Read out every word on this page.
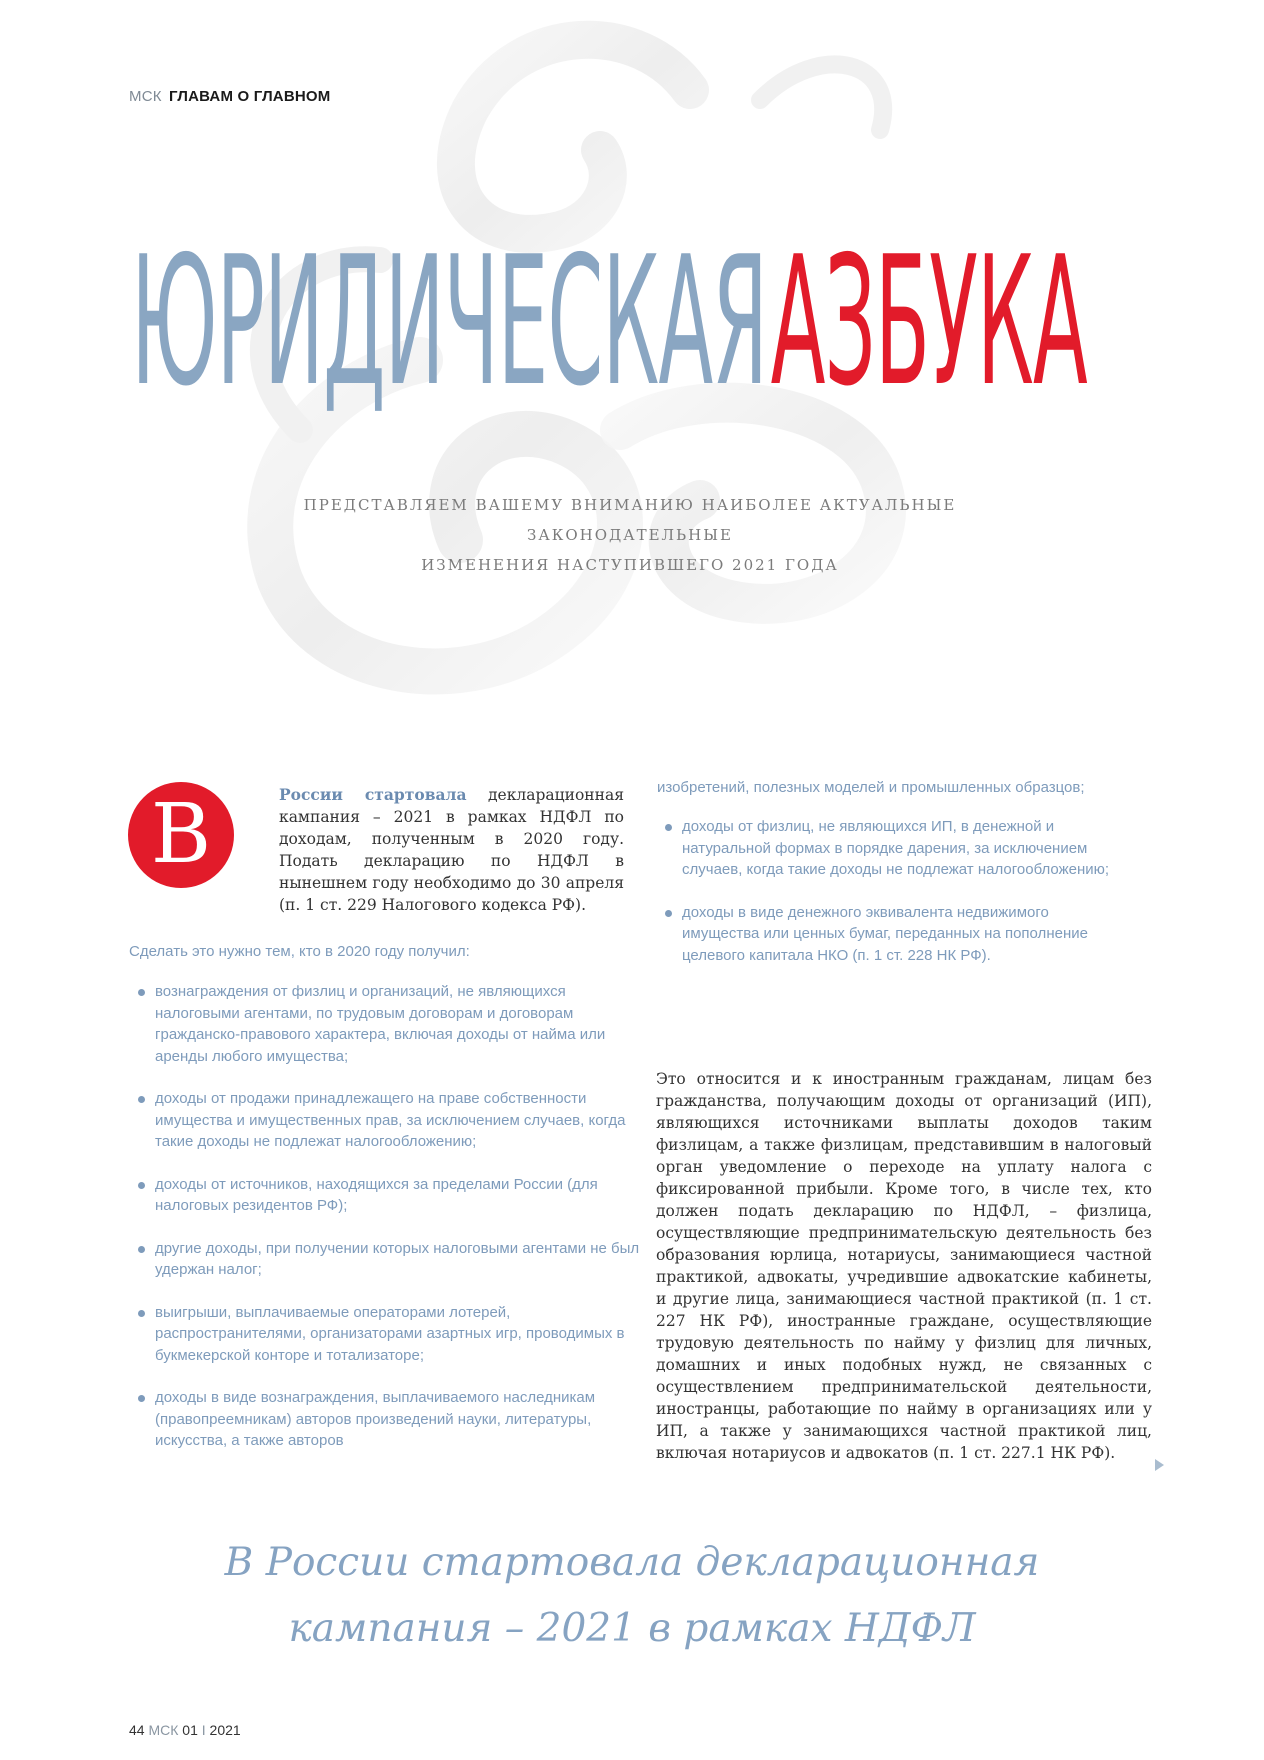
МСК ГЛАВАМ О ГЛАВНОМ
ЮРИДИЧЕСКАЯАЗБУКА
ПРЕДСТАВЛЯЕМ ВАШЕМУ ВНИМАНИЮ НАИБОЛЕЕ АКТУАЛЬНЫЕ ЗАКОНОДАТЕЛЬНЫЕ
ИЗМЕНЕНИЯ НАСТУПИВШЕГО 2021 ГОДА
В	России стартовала декларационная кампания – 2021 в рамках НДФЛ по доходам, полученным в 2020 году. Подать декларацию по НДФЛ в нынешнем году необходимо до 30 апреля (п. 1 ст. 229 Налогового кодекса РФ).
Сделать это нужно тем, кто в 2020 году получил:
вознаграждения от физлиц и организаций, не являющихся налоговыми агентами, по трудовым договорам и договорам гражданско-правового характера, включая доходы от найма или аренды любого имущества;
доходы от продажи принадлежащего на праве собственности имущества и имущественных прав, за исключением случаев, когда такие доходы не подлежат налогообложению;
доходы от источников, находящихся за пределами России (для налоговых резидентов РФ);
другие доходы, при получении которых налоговыми агентами не был удержан налог;
выигрыши, выплачиваемые операторами лотерей, распространителями, организаторами азартных игр, проводимых в букмекерской конторе и тотализаторе;
доходы в виде вознаграждения, выплачиваемого наследникам (правопреемникам) авторов произведений науки, литературы, искусства, а также авторов
изобретений, полезных моделей и промышленных образцов;
доходы от физлиц, не являющихся ИП, в денежной и натуральной формах в порядке дарения, за исключением случаев, когда такие доходы не подлежат налогообложению;
доходы в виде денежного эквивалента недвижимого имущества или ценных бумаг, переданных на пополнение целевого капитала НКО (п. 1 ст. 228 НК РФ).
Это относится и к иностранным гражданам, лицам без гражданства, получающим доходы от организаций (ИП), являющихся источниками выплаты доходов таким физлицам, а также физлицам, представившим в налоговый орган уведомление о переходе на уплату налога с фиксированной прибыли. Кроме того, в числе тех, кто должен подать декларацию по НДФЛ, – физлица, осуществляющие предпринимательскую деятельность без образования юрлица, нотариусы, занимающиеся частной практикой, адвокаты, учредившие адвокатские кабинеты, и другие лица, занимающиеся частной практикой (п. 1 ст. 227 НК РФ), иностранные граждане, осуществляющие трудовую деятельность по найму у физлиц для личных, домашних и иных подобных нужд, не связанных с осуществлением предпринимательской деятельности, иностранцы, работающие по найму в организациях или у ИП, а также у занимающихся частной практикой лиц, включая нотариусов и адвокатов (п. 1 ст. 227.1 НК РФ).
В России стартовала декларационная
кампания – 2021 в рамках НДФЛ
44 МСК 01 I 2021
